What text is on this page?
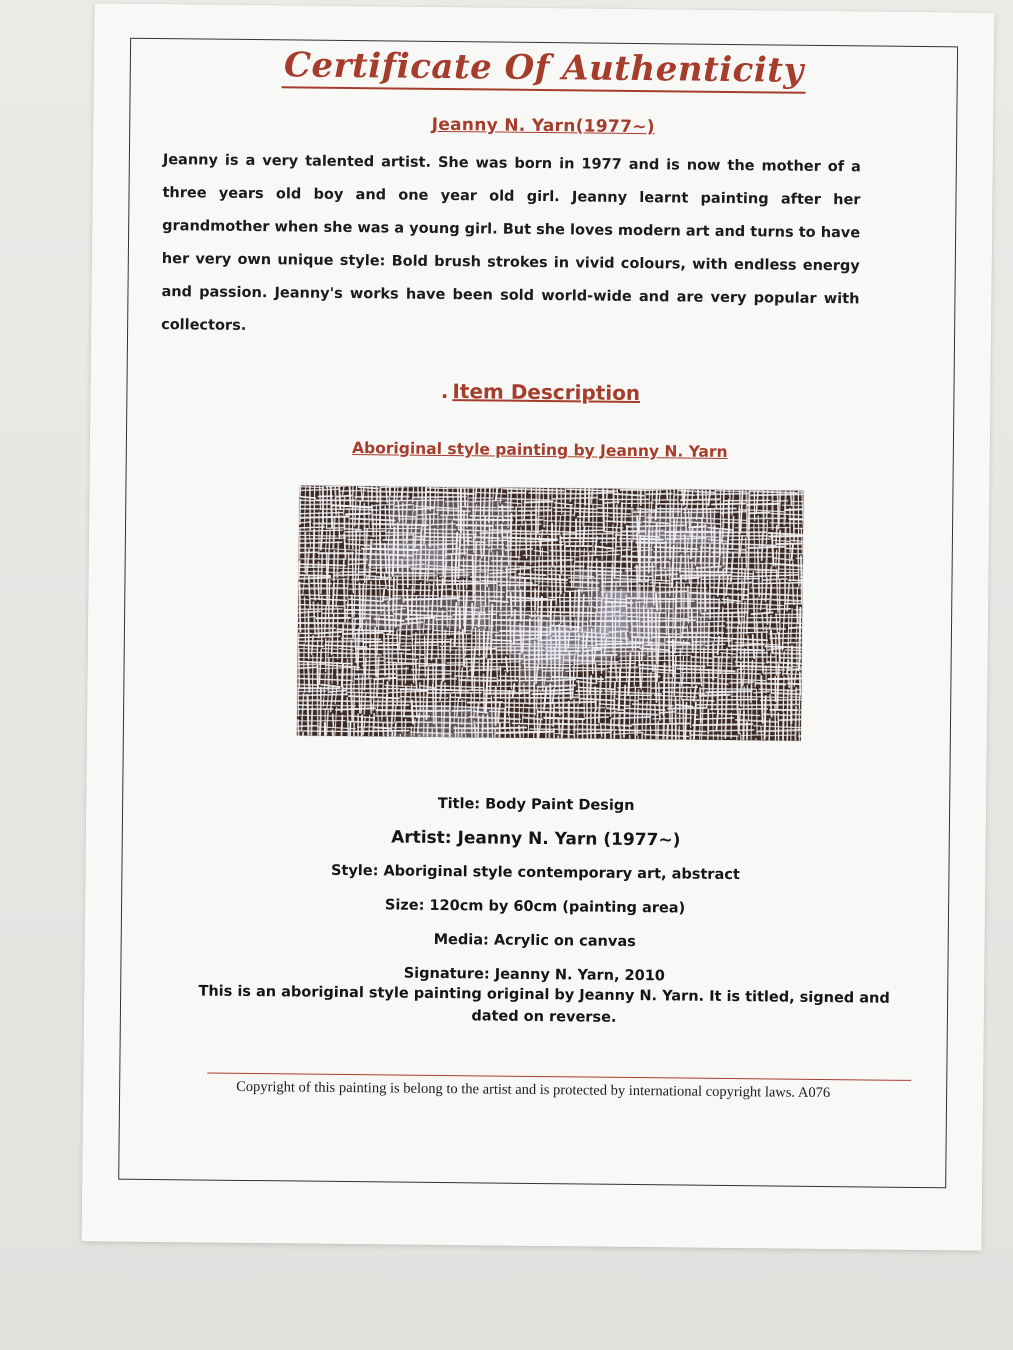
Certificate Of Authenticity
Jeanny N. Yarn(1977~)
Jeanny is a very talented artist. She was born in 1977 and is now the mother of a three years old boy and one year old girl. Jeanny learnt painting after her grandmother when she was a young girl. But she loves modern art and turns to have her very own unique style: Bold brush strokes in vivid colours, with endless energy and passion. Jeanny's works have been sold world-wide and are very popular with collectors.
. Item Description
Aboriginal style painting by Jeanny N. Yarn
Title: Body Paint Design
Artist: Jeanny N. Yarn (1977~)
Style: Aboriginal style contemporary art, abstract
Size: 120cm by 60cm (painting area)
Media: Acrylic on canvas
Signature: Jeanny N. Yarn, 2010
This is an aboriginal style painting original by Jeanny N. Yarn. It is titled, signed and dated on reverse.
Copyright of this painting is belong to the artist and is protected by international copyright laws. A076
